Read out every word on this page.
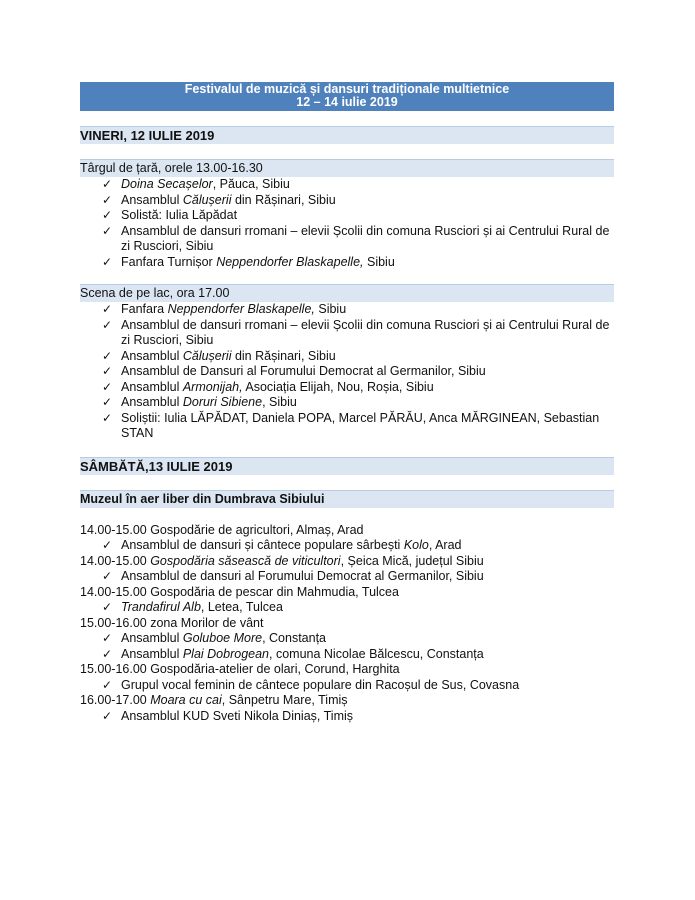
Festivalul de muzică și dansuri tradiționale multietnice
12 – 14 iulie 2019
VINERI, 12 IULIE 2019
Târgul de țară, orele 13.00-16.30
✓ Doina Secașelor, Păuca, Sibiu
✓ Ansamblul Călușerii din Rășinari, Sibiu
✓ Solistă: Iulia Lăpădat
✓ Ansamblul de dansuri rromani – elevii Școlii din comuna Rusciori și ai Centrului Rural de zi Rusciori, Sibiu
✓ Fanfara Turnișor Neppendorfer Blaskapelle, Sibiu
Scena de pe lac, ora 17.00
✓ Fanfara Neppendorfer Blaskapelle, Sibiu
✓ Ansamblul de dansuri rromani – elevii Școlii din comuna Rusciori și ai Centrului Rural de zi Rusciori, Sibiu
✓ Ansamblul Călușerii din Rășinari, Sibiu
✓ Ansamblul de Dansuri al Forumului Democrat al Germanilor, Sibiu
✓ Ansamblul Armonijah, Asociația Elijah, Nou, Roșia, Sibiu
✓ Ansamblul Doruri Sibiene, Sibiu
✓ Soliștii: Iulia LĂPĂDAT, Daniela POPA, Marcel PĂRĂU, Anca MĂRGINEAN, Sebastian STAN
SÂMBĂTĂ,13 IULIE 2019
Muzeul în aer liber din Dumbrava Sibiului
14.00-15.00 Gospodărie de agricultori, Almaș, Arad
✓ Ansamblul de dansuri și cântece populare sârbești Kolo, Arad
14.00-15.00 Gospodăria săsească de viticultori, Șeica Mică, județul Sibiu
✓ Ansamblul de dansuri al Forumului Democrat al Germanilor, Sibiu
14.00-15.00 Gospodăria de pescar din Mahmudia, Tulcea
✓ Trandafirul Alb, Letea, Tulcea
15.00-16.00 zona Morilor de vânt
✓ Ansamblul Goluboe More, Constanța
✓ Ansamblul Plai Dobrogean, comuna Nicolae Bălcescu, Constanța
15.00-16.00 Gospodăria-atelier de olari, Corund, Harghita
✓ Grupul vocal feminin de cântece populare din Racoșul de Sus, Covasna
16.00-17.00 Moara cu cai, Sânpetru Mare, Timiș
✓ Ansamblul KUD Sveti Nikola Diniaș, Timiș
